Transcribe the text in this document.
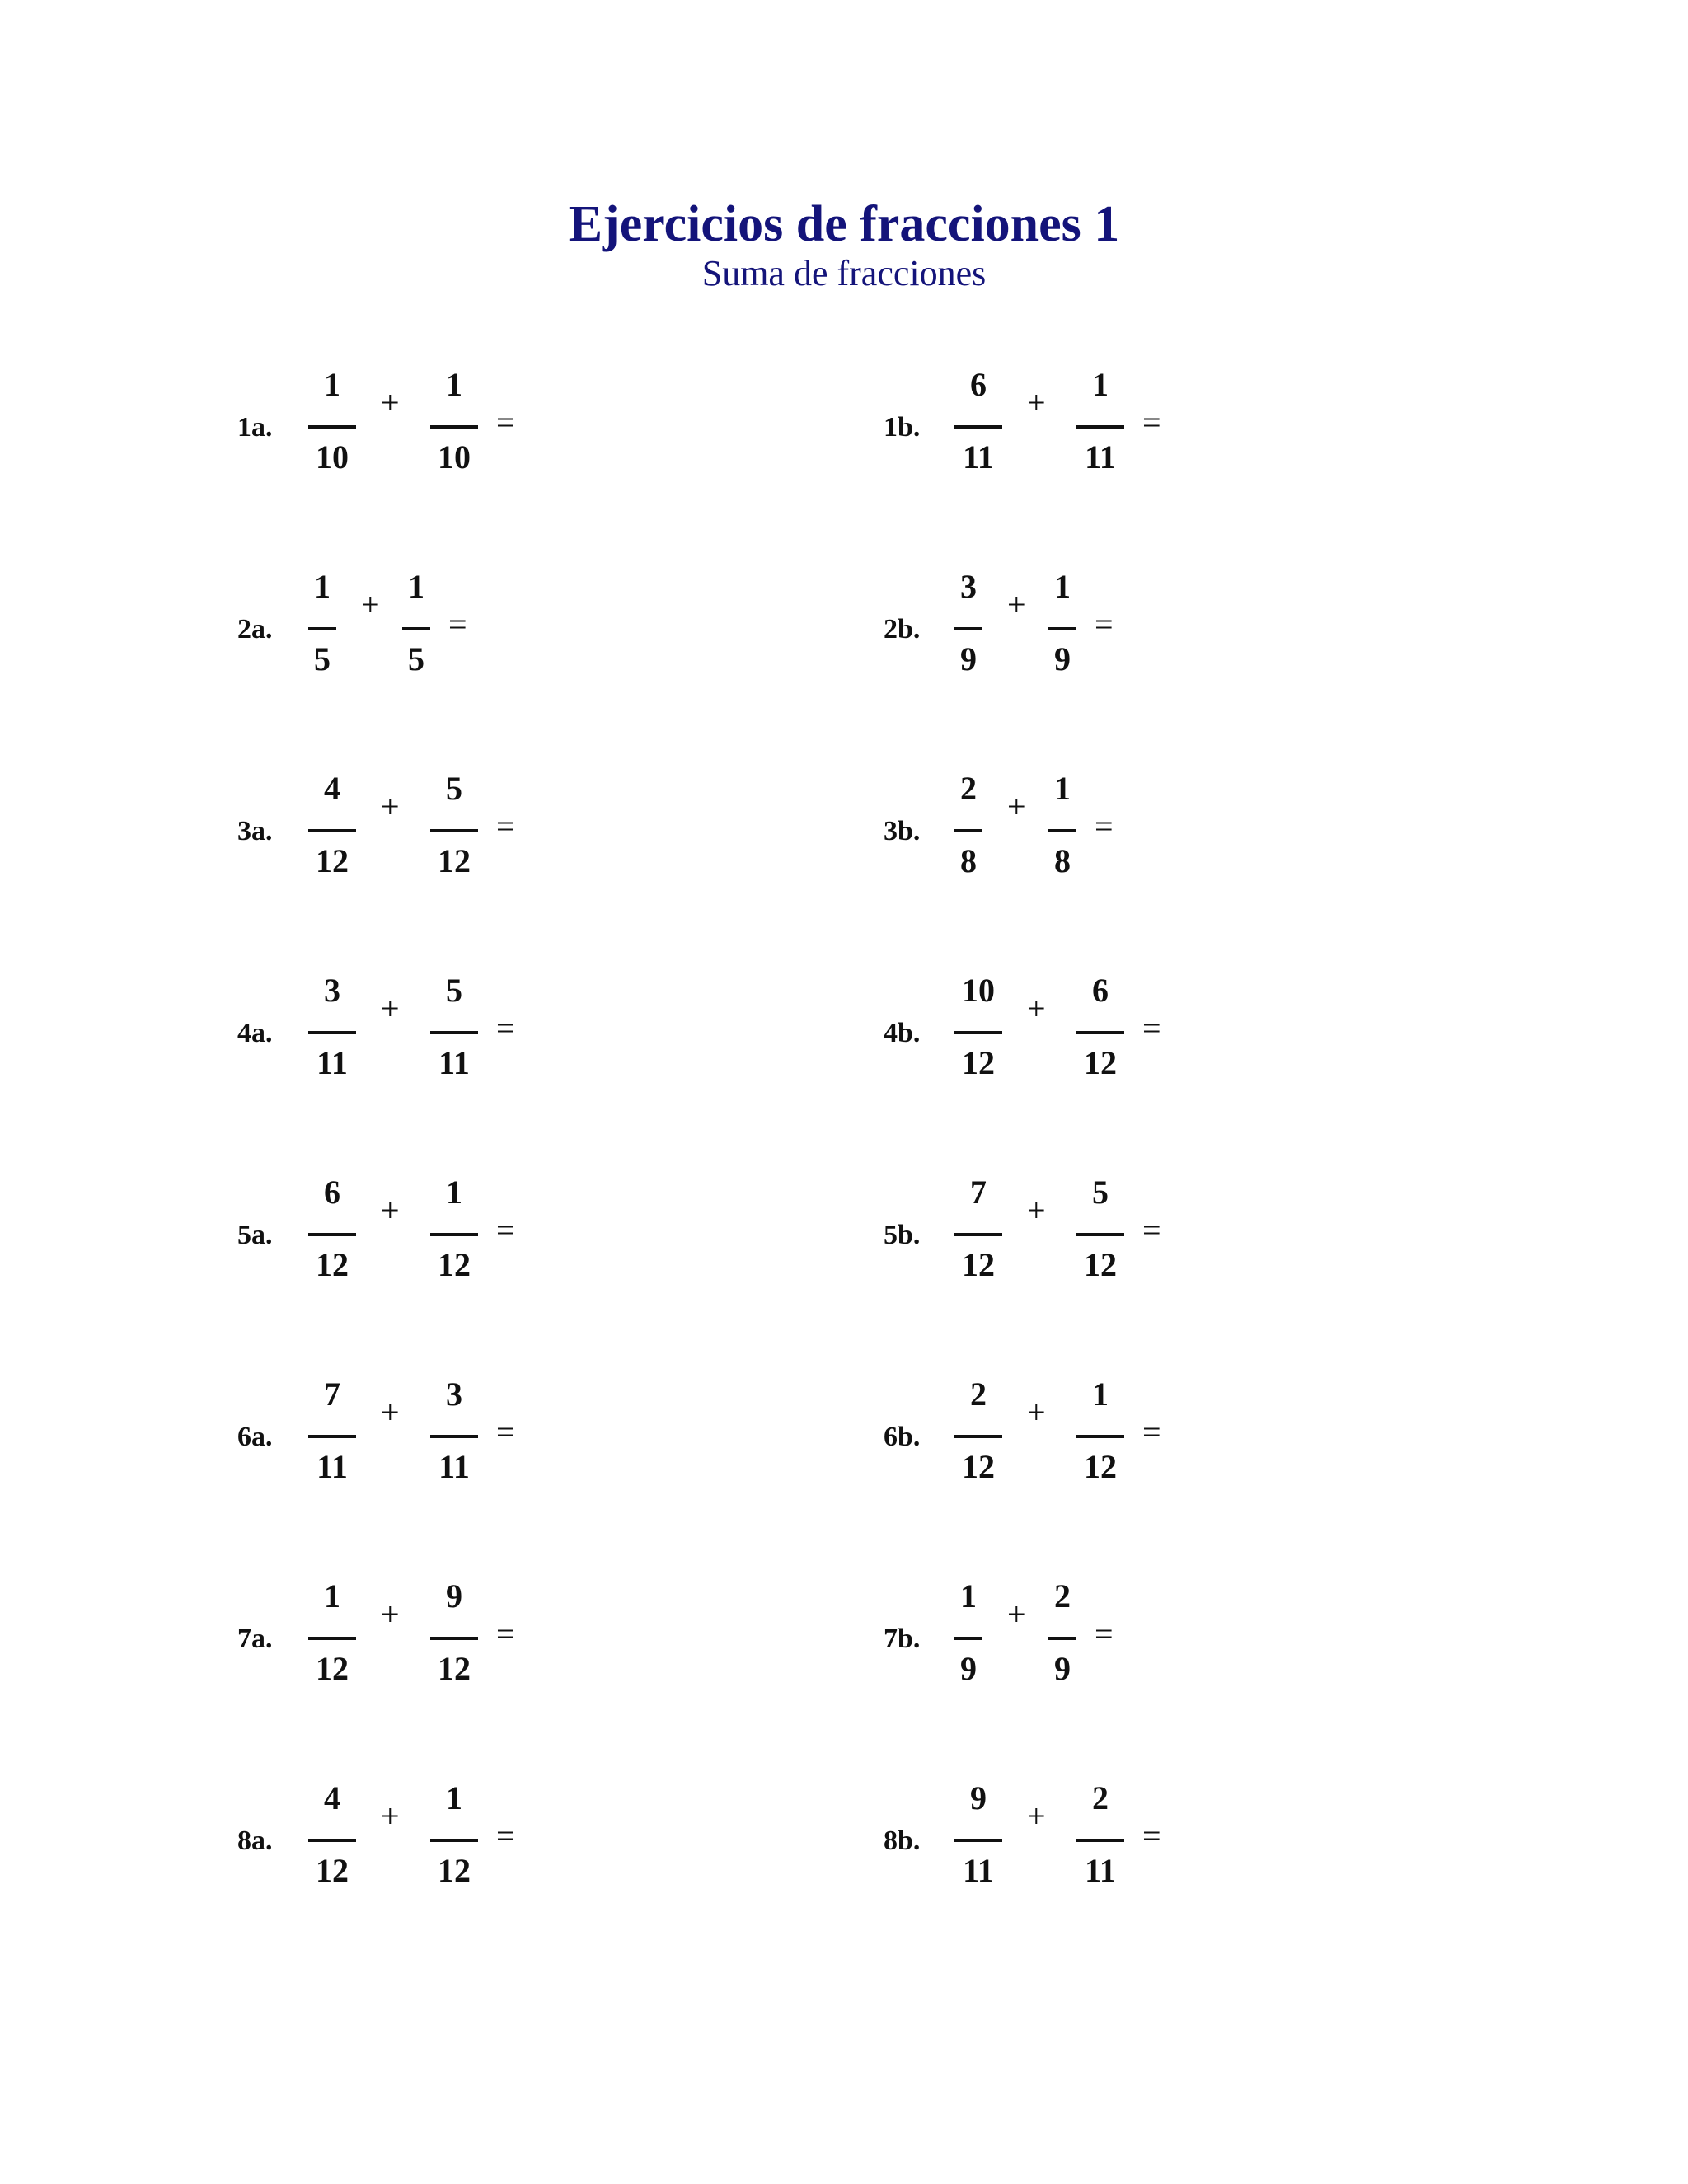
Ejercicios de fracciones 1
Suma de fracciones
1a.
1
10
+	1
10
=	1b.
6
11
+	1
11
=
2a.
1
5
+ 1
5
=	2b.
3
9
+ 1
9
=
3a.
4
12
+	5
12
=	3b.
2
8
+ 1
8
=
4a.
3
11
+	5
11
=	4b.
10
12
+	6
12
=
5a.
6
12
+	1
12
=	5b.
7
12
+	5
12
=
6a.
7
11
+	3
11
=	6b.
2
12
+	1
12
=
7a.
1
12
+	9
12
=	7b.
1
9
+ 2
9
=
8a.
4
12
+	1
12
=	8b.
9
11
+	2
11
=
